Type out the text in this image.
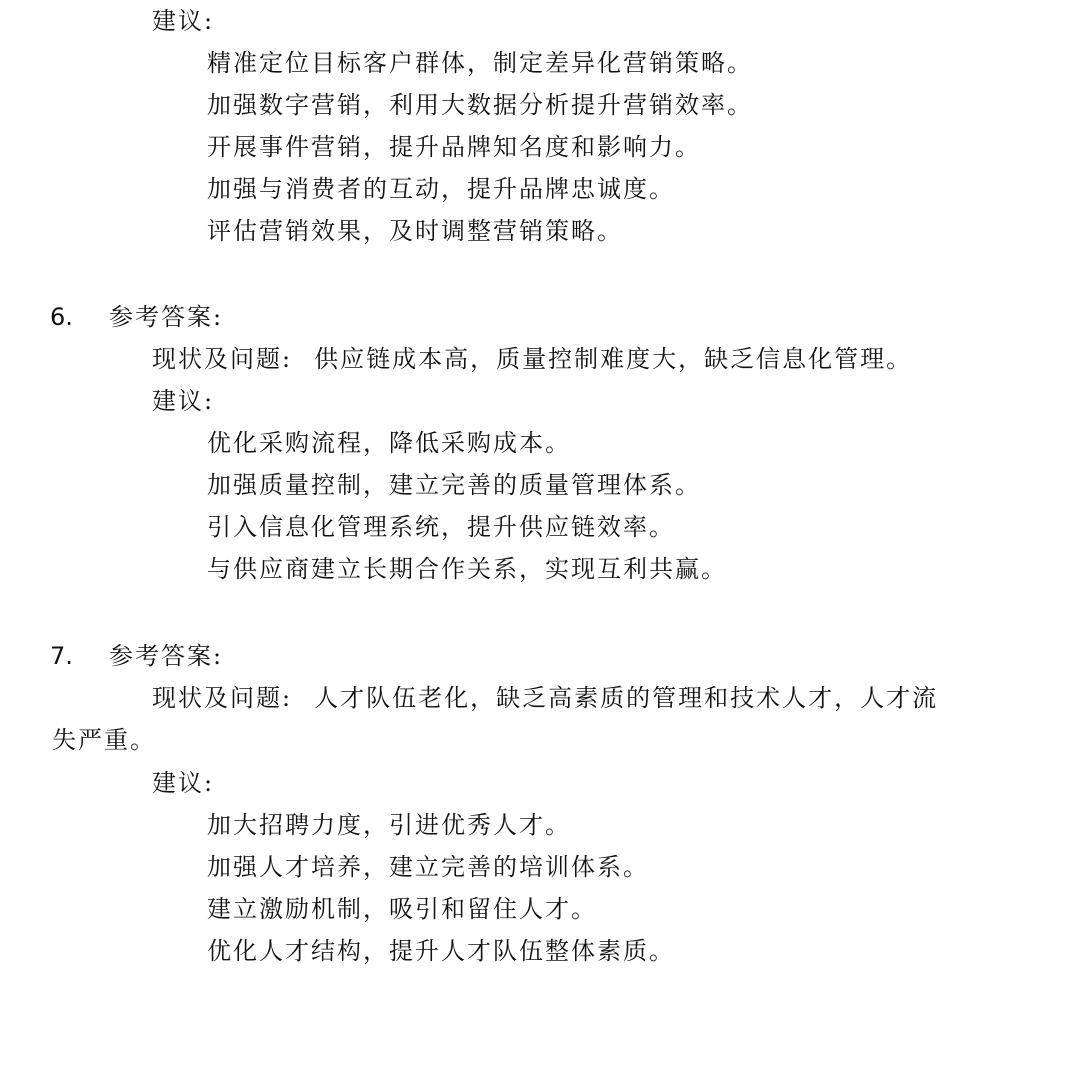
建议:
精准定位目标客户群体，制定差异化营销策略。
加强数字营销，利用大数据分析提升营销效率。
开展事件营销，提升品牌知名度和影响力。
加强与消费者的互动，提升品牌忠诚度。
评估营销效果，及时调整营销策略。
6. 参考答案:
现状及问题: 供应链成本高，质量控制难度大，缺乏信息化管理。
建议:
优化采购流程，降低采购成本。
加强质量控制，建立完善的质量管理体系。
引入信息化管理系统，提升供应链效率。
与供应商建立长期合作关系，实现互利共赢。
7. 参考答案:
现状及问题: 人才队伍老化，缺乏高素质的管理和技术人才，人才流
失严重。
建议:
加大招聘力度，引进优秀人才。
加强人才培养，建立完善的培训体系。
建立激励机制，吸引和留住人才。
优化人才结构，提升人才队伍整体素质。
